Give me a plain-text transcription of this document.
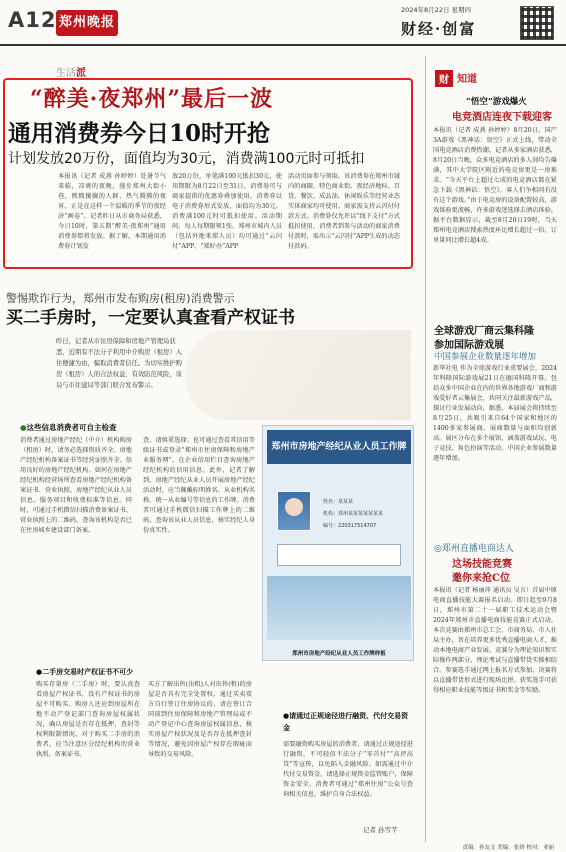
A12 郑州晚报
2024年8月22日 星期四
财经·创富
生活派
“醉美·夜郑州”最后一波
通用消费券今日10时开抢
计划发放20万份，面值均为30元，消费满100元时可抵扣
本报讯（记者 成燕 孙婷婷）处暑节气来临，凉爽的夜晚，漫步郑州大街小巷，熙熙攘攘的人群、热气腾腾的夜宵，正是在这样一个温暖的季节的夜经济“画卷”。记者昨日从市商务局获悉，今日10时，第五期“醉美·夜郑州”通用消费券即将发放。据了解，本期通用消费券计划发
放20万份，单笔满100元抵扣30元，使用期限为8月22日至31日，消费券可与商家提供的优惠券叠加使用。消费券以电子消费券形式发放，面值均为30元，消费满100元时可抵扣使用。活动期间，每人每期限领1张。郑州市城内人员（包括外地来郑人员）均可通过“云闪付”APP、“郑好办”APP
活动页面参与领取。该消费券在郑州市域内的商圈、特色商业街、夜经济地标、百货、餐饮、成品油、休闲娱乐等经营业态实体商家均可使用。商家需支持云闪付付款方式。消费券仅允许以“线下支付”方式抵扣使用，消费者到参与活动的商家消费付款时，需出示“云闪付”APP生成的动态付款码。
警惕欺诈行为，郑州市发布购房(租房)消费警示
买二手房时，一定要认真查看产权证书
昨日，记者从市住房保障和房地产管理局获悉，近期有不法分子利用中介购房（租房）入住便捷为由，骗取消费者信任。为切实维护购房（租房）人的合法权益，有效防范风险，该局与市住建局等部门联合发布警示。
●这些信息消费者可自主检查
消费者通过房地产经纪（中介）机构购房（租房）时，请务必选择资质齐全、房地产经纪机构备案证书等经营证照齐全、信用良好的房地产经纪机构。如何在房地产经纪机构经营场所查看房地产经纪机构备案证书、营业执照、房地产经纪从业人员信息、服务项目和收费标准等信息。同时，可通过手机微信扫描消费备案证书、营业执照上的二维码，查询该机构是否已在住房城乡建设部门备案。
查，请慎重选择；也可通过查看其信用等级证书或登录“郑州市住房保障和房地产业服务网”，在企业信用栏目查询房地产经纪机构的信用信息。此外，记者了解到，房地产经纪从业人员开展房地产经纪活动时，应当佩戴标明姓名、从业机构名称、统一从业编号等信息的工作牌。消费者可通过手机微信扫描工作牌上的二维码，查询该从业人员信息，核实经纪人身份真实性。
郑州市房地产经纪从业人员工作牌
姓名：某某某
机构：郑州某某某某某某某
编号：220317514707
郑州市房地产经纪从业人员工作牌样板
●二手房交易时产权证书不可少
购买存量房（二手房）时，要认真查看房屋产权证书，没有产权证书的房屋不可购买。购房人还应到房屋所在地不动产登记部门查询房屋权属状况，确认房屋是否存在抵押、查封等权利限制情况。对于购买二手房的消费者，应当注意区分经纪机构的营业执照、备案证书。
买方了解出售(出租)人对出售(租)的房屋是否具有完全处置权。通过买卖双方自行签订住房协议的，请在签订合同前到住房保障和房地产管理局或不动产登记中心查询房屋权属信息，核实房屋产权状况及是否存在抵押查封等情况，避免因房屋产权存在瑕疵而导致的交易风险。
●请通过正规途径进行融资、代付交易资金
需要融资购买房屋的消费者，请通过正规途径进行融资，不可轻信不法分子“零首付”“高评高贷”等宣传，以免陷入金融风险。如需通过中介代付交易资金，请选择正规资金监管账户，保障资金安全。消费者可通过“郑州住房”公众号查询相关信息，维护自身合法权益。
记者 孙雪芊
财 知道
“悟空”游戏爆火
电竞酒店连夜下载迎客
本报讯（记者 成燕 孙婷婷）8月20日，国产3A游戏《黑神话：悟空》正式上线，带动全国电竞酒店消费热潮。记者从多家酒店获悉，8月20日当晚，众多电竞酒店的多人间均告爆满，其中大学院区附近的电竞房更是一房难求。“今天平台上超过七成的电竞酒店都在紧急下载《黑神话：悟空》，客人们争相问有没有这个游戏。”由于电竞房的设备配置较高，游戏体验更流畅，许多游戏迷选择去酒店体验。据平台数据显示，截至8月20日19时，当天郑州电竞酒店搜索热度环比增长超过一倍，订单量同比增长超4成。
全球游戏厂商云集科隆
参加国际游戏展
中国参展企业数量逐年增加
新华社电 作为全球游戏行业重要展会，2024年科隆国际游戏展21日在德国科隆开幕。包括众多中国企业在内的世界各地游戏厂商和游戏爱好者云集展会，共同关注最新游戏产品，探讨行业发展动向。据悉，本届展会将持续至8月25日，共吸引来自64个国家和地区的1400多家参展商。展商数量与面积均创新高。展区分布在多个展馆，涵盖游戏试玩、电子竞技、角色扮演等活动。中国企业参展数量逐年增加。
◎郑州直播电商达人
这场技能竞赛
邀你来抢C位
本报讯（记者 杨丽萍 通讯员 吴言）首届中原电商直播技能大赛报名启动。即日起至9月8日，郑州市第二十一届职工技术运动会暨2024年郑州市直播电商技能竞赛正式启动。本次竞赛由郑州市总工会、市商务局、市人社局主办，旨在培养更多优秀直播电商人才，推动本地电商产业发展。竞赛分为理论知识和实际操作两部分，理论考试与直播带货实操相结合。参赛选手通过网上报名方式参加，决赛将以直播带货形式进行现场比拼。获奖选手可获得相应职业技能等级证书和奖金等奖励。
责编：孙友文 美编：张妍 校对：亚丽
